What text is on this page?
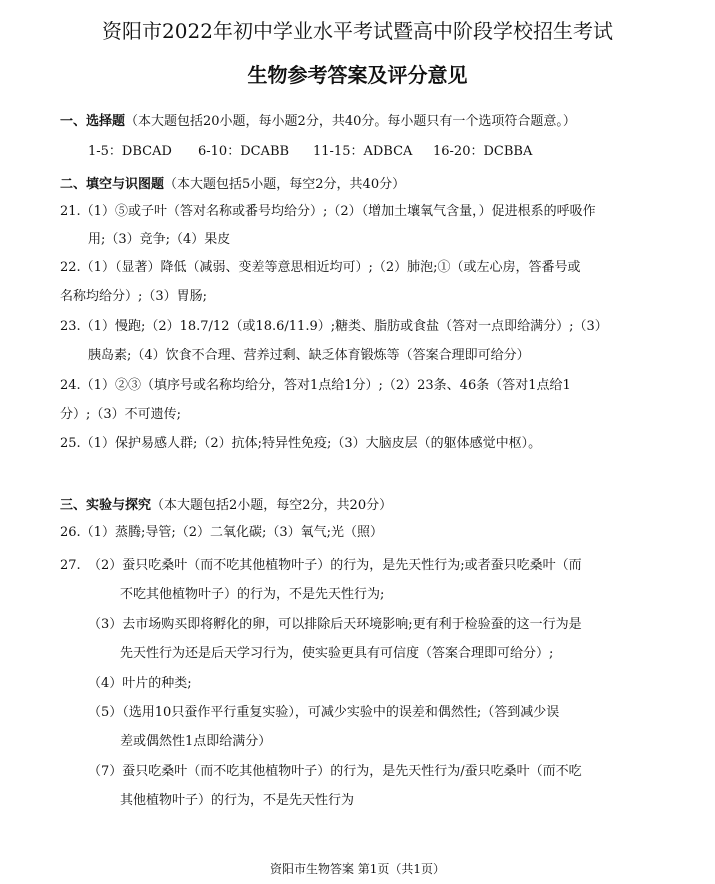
资阳市2022年初中学业水平考试暨高中阶段学校招生考试
生物参考答案及评分意见
一、选择题（本大题包括20小题，每小题2分，共40分。每小题只有一个选项符合题意。）
1-5：DBCAD 6-10：DCABB 11-15：ADBCA 16-20：DCBBA
二、填空与识图题（本大题包括5小题，每空2分，共40分）
21.（1）⑤或子叶（答对名称或番号均给分）;（2）（增加土壤氧气含量，）促进根系的呼吸作
用;（3）竞争;（4）果皮
22.（1）（显著）降低（减弱、变差等意思相近均可）;（2）肺泡;①（或左心房，答番号或
名称均给分）;（3）胃肠;
23.（1）慢跑;（2）18.7/12（或18.6/11.9）;糖类、脂肪或食盐（答对一点即给满分）;（3）
胰岛素;（4）饮食不合理、营养过剩、缺乏体育锻炼等（答案合理即可给分）
24.（1）②③（填序号或名称均给分，答对1点给1分）;（2）23条、46条（答对1点给1
分）;（3）不可遗传;
25.（1）保护易感人群;（2）抗体;特异性免疫;（3）大脑皮层（的躯体感觉中枢）。
三、实验与探究（本大题包括2小题，每空2分，共20分）
26.（1）蒸腾;导管;（2）二氧化碳;（3）氧气;光（照）
27. （2）蚕只吃桑叶（而不吃其他植物叶子）的行为，是先天性行为;或者蚕只吃桑叶（而
不吃其他植物叶子）的行为，不是先天性行为;
（3）去市场购买即将孵化的卵，可以排除后天环境影响;更有利于检验蚕的这一行为是
先天性行为还是后天学习行为，使实验更具有可信度（答案合理即可给分）;
（4）叶片的种类;
（5）（选用10只蚕作平行重复实验），可减少实验中的误差和偶然性;（答到减少误
差或偶然性1点即给满分）
（7）蚕只吃桑叶（而不吃其他植物叶子）的行为，是先天性行为/蚕只吃桑叶（而不吃
其他植物叶子）的行为，不是先天性行为
资阳市生物答案 第1页（共1页）
